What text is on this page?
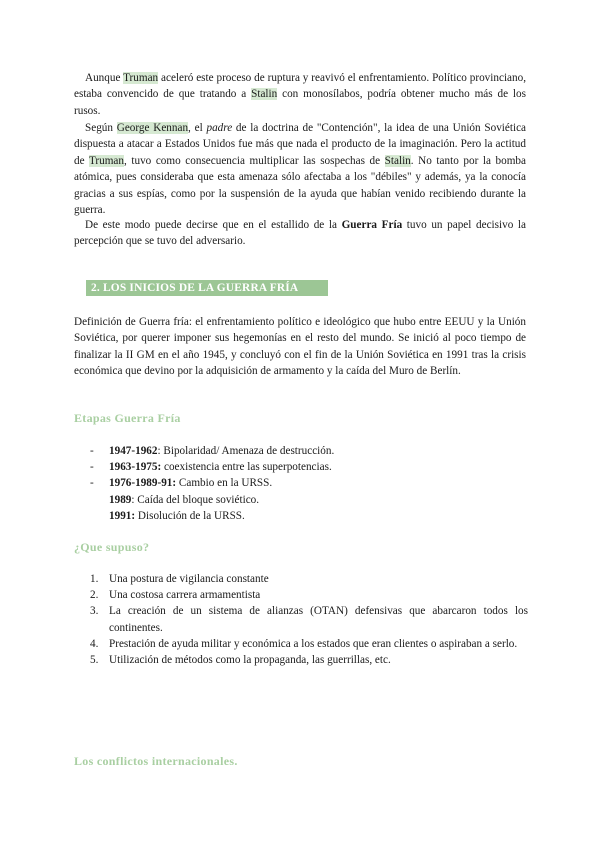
Aunque Truman aceleró este proceso de ruptura y reavivó el enfrentamiento. Político provinciano, estaba convencido de que tratando a Stalin con monosílabos, podría obtener mucho más de los rusos.

Según George Kennan, el padre de la doctrina de "Contención", la idea de una Unión Soviética dispuesta a atacar a Estados Unidos fue más que nada el producto de la imaginación. Pero la actitud de Truman, tuvo como consecuencia multiplicar las sospechas de Stalin. No tanto por la bomba atómica, pues consideraba que esta amenaza sólo afectaba a los "débiles" y además, ya la conocía gracias a sus espías, como por la suspensión de la ayuda que habían venido recibiendo durante la guerra.

De este modo puede decirse que en el estallido de la Guerra Fría tuvo un papel decisivo la percepción que se tuvo del adversario.

2. LOS INICIOS DE LA GUERRA FRÍA

Definición de Guerra fría: el enfrentamiento político e ideológico que hubo entre EEUU y la Unión Soviética, por querer imponer sus hegemonías en el resto del mundo. Se inició al poco tiempo de finalizar la II GM en el año 1945, y concluyó con el fin de la Unión Soviética en 1991 tras la crisis económica que devino por la adquisición de armamento y la caída del Muro de Berlín.

Etapas Guerra Fría
- 1947-1962: Bipolaridad/ Amenaza de destrucción.
- 1963-1975: coexistencia entre las superpotencias.
- 1976-1989-91: Cambio en la URSS.
1989: Caída del bloque soviético.
1991: Disolución de la URSS.
¿Que supuso?
1. Una postura de vigilancia constante
2. Una costosa carrera armamentista
3. La creación de un sistema de alianzas (OTAN) defensivas que abarcaron todos los continentes.
4. Prestación de ayuda militar y económica a los estados que eran clientes o aspiraban a serlo.
5. Utilización de métodos como la propaganda, las guerrillas, etc.
Los conflictos internacionales.
